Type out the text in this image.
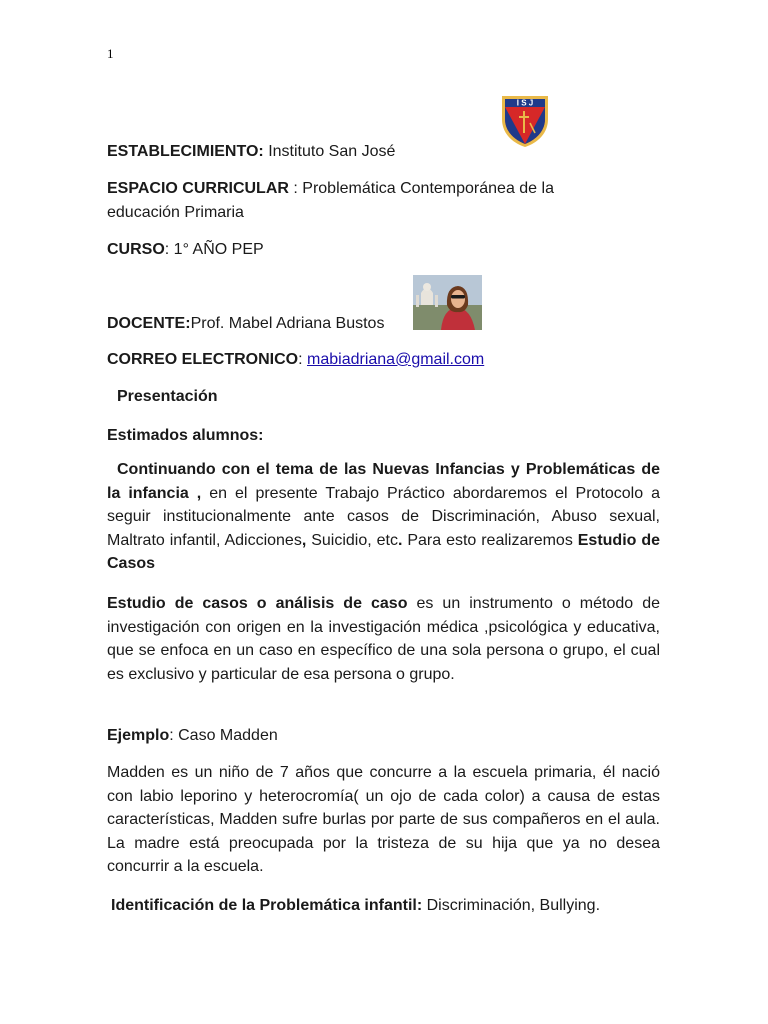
1
I S J
ESTABLECIMIENTO: Instituto San José
ESPACIO CURRICULAR : Problemática Contemporánea de la
educación Primaria
CURSO: 1° AÑO PEP
DOCENTE:Prof. Mabel Adriana Bustos
CORREO ELECTRONICO: mabiadriana@gmail.com
Presentación
Estimados alumnos:
Continuando con el tema de las Nuevas Infancias y Problemáticas de la infancia , en el presente Trabajo Práctico abordaremos el Protocolo a seguir institucionalmente ante casos de Discriminación, Abuso sexual, Maltrato infantil, Adicciones, Suicidio, etc. Para esto realizaremos Estudio de Casos
Estudio de casos o análisis de caso es un instrumento o método de investigación con origen en la investigación médica ,psicológica y educativa, que se enfoca en un caso en específico de una sola persona o grupo, el cual es exclusivo y particular de esa persona o grupo.
Ejemplo: Caso Madden
Madden es un niño de 7 años que concurre a la escuela primaria, él nació con labio leporino y heterocromía( un ojo de cada color) a causa de estas características, Madden sufre burlas por parte de sus compañeros en el aula. La madre está preocupada por la tristeza de su hija que ya no desea concurrir a la escuela.
Identificación de la Problemática infantil: Discriminación, Bullying.
